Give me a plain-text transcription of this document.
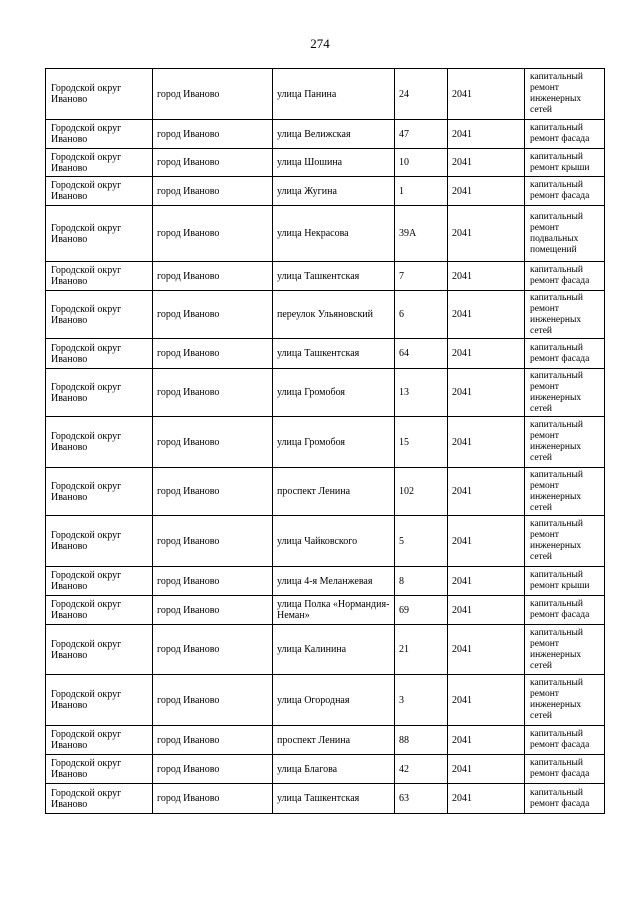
274
Городской округ Иваново	город Иваново	улица Панина	24	2041	капитальный ремонт инженерных сетей
Городской округ Иваново	город Иваново	улица Велижская	47	2041	капитальный ремонт фасада
Городской округ Иваново	город Иваново	улица Шошина	10	2041	капитальный ремонт крыши
Городской округ Иваново	город Иваново	улица Жугина	1	2041	капитальный ремонт фасада
Городской округ Иваново	город Иваново	улица Некрасова	39А	2041	капитальный ремонт подвальных помещений
Городской округ Иваново	город Иваново	улица Ташкентская	7	2041	капитальный ремонт фасада
Городской округ Иваново	город Иваново	переулок Ульяновский	6	2041	капитальный ремонт инженерных сетей
Городской округ Иваново	город Иваново	улица Ташкентская	64	2041	капитальный ремонт фасада
Городской округ Иваново	город Иваново	улица Громобоя	13	2041	капитальный ремонт инженерных сетей
Городской округ Иваново	город Иваново	улица Громобоя	15	2041	капитальный ремонт инженерных сетей
Городской округ Иваново	город Иваново	проспект Ленина	102	2041	капитальный ремонт инженерных сетей
Городской округ Иваново	город Иваново	улица Чайковского	5	2041	капитальный ремонт инженерных сетей
Городской округ Иваново	город Иваново	улица 4-я Меланжевая	8	2041	капитальный ремонт крыши
Городской округ Иваново	город Иваново	улица Полка «Нормандия-Неман»	69	2041	капитальный ремонт фасада
Городской округ Иваново	город Иваново	улица Калинина	21	2041	капитальный ремонт инженерных сетей
Городской округ Иваново	город Иваново	улица Огородная	3	2041	капитальный ремонт инженерных сетей
Городской округ Иваново	город Иваново	проспект Ленина	88	2041	капитальный ремонт фасада
Городской округ Иваново	город Иваново	улица Благова	42	2041	капитальный ремонт фасада
Городской округ Иваново	город Иваново	улица Ташкентская	63	2041	капитальный ремонт фасада
